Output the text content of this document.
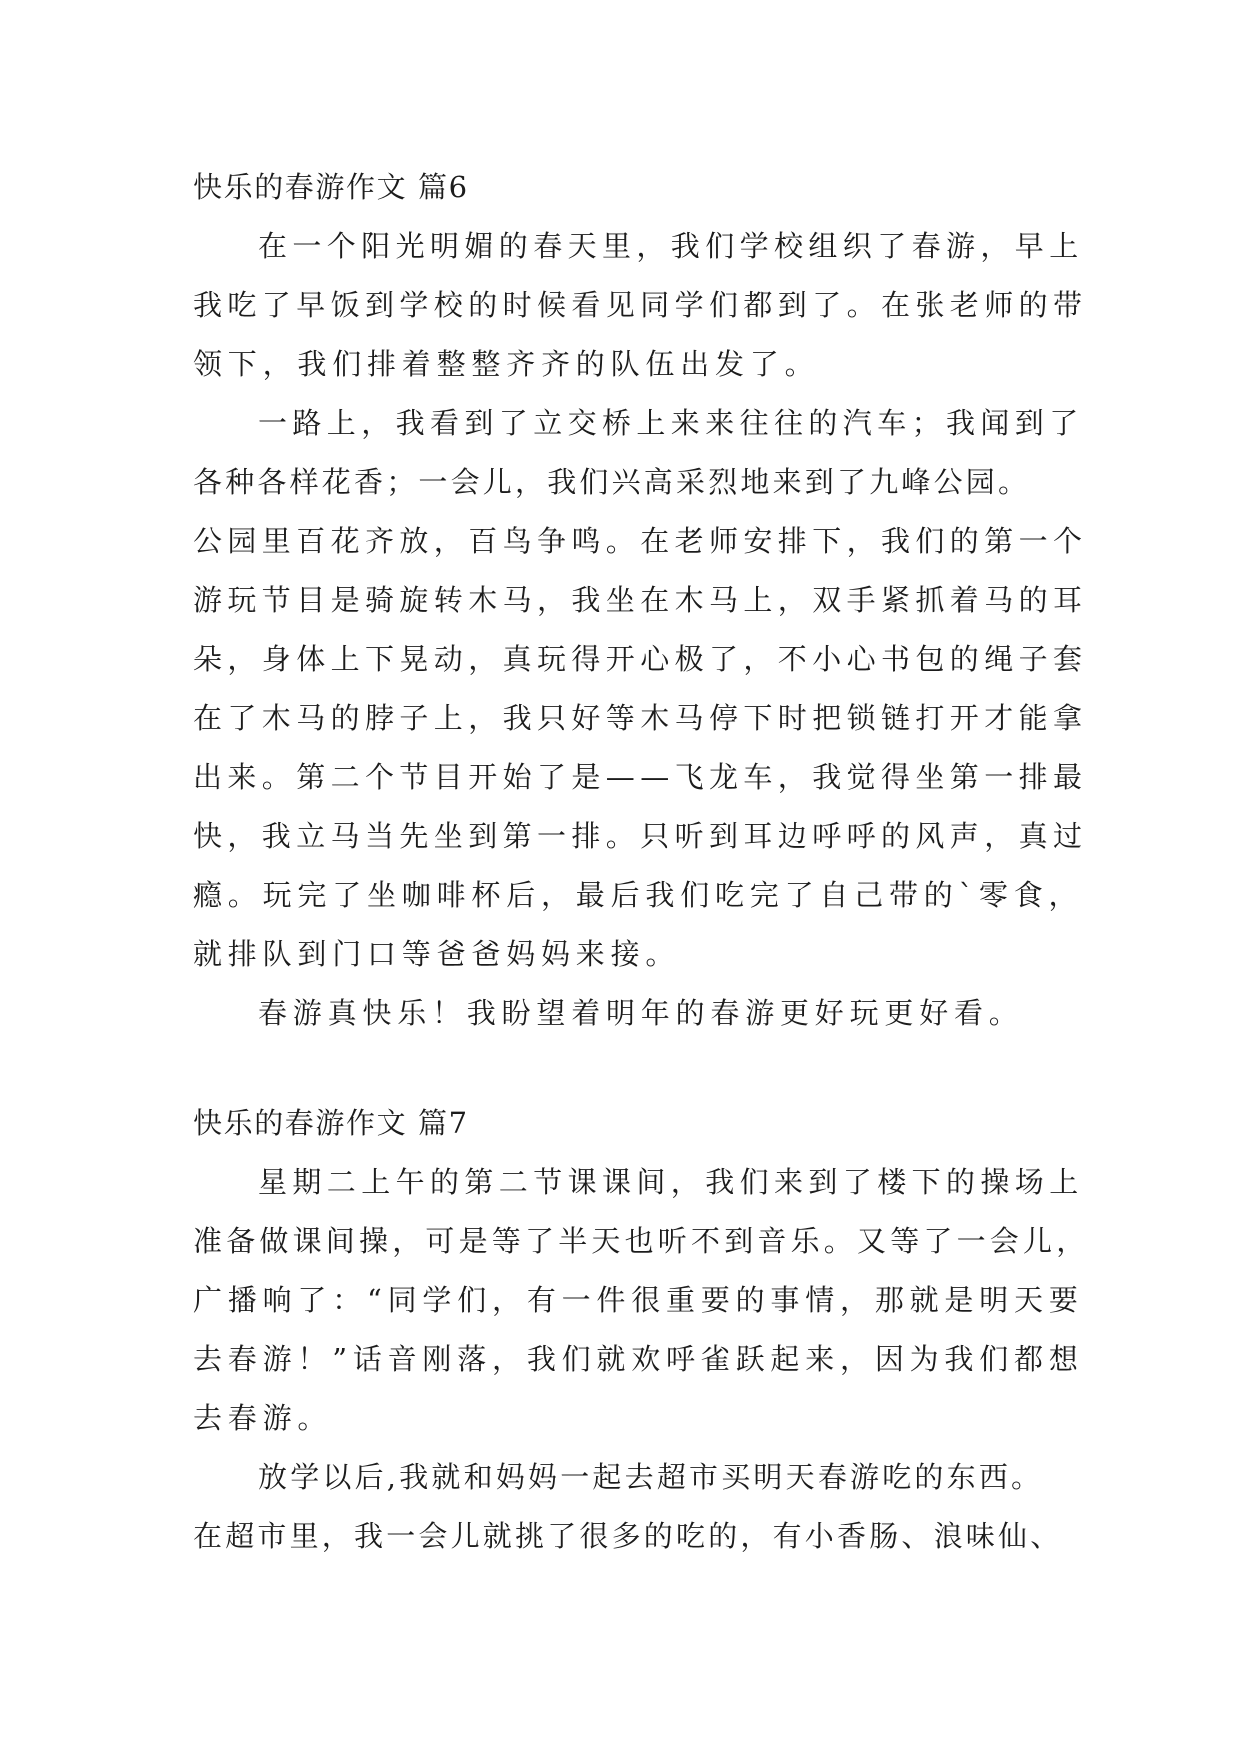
快乐的春游作文 篇6
在一个阳光明媚的春天里，我们学校组织了春游，早上
我吃了早饭到学校的时候看见同学们都到了。在张老师的带
领下，我们排着整整齐齐的队伍出发了。
一路上，我看到了立交桥上来来往往的汽车；我闻到了
各种各样花香；一会儿，我们兴高采烈地来到了九峰公园。
公园里百花齐放，百鸟争鸣。在老师安排下，我们的第一个
游玩节目是骑旋转木马，我坐在木马上，双手紧抓着马的耳
朵，身体上下晃动，真玩得开心极了，不小心书包的绳子套
在了木马的脖子上，我只好等木马停下时把锁链打开才能拿
出来。第二个节目开始了是——飞龙车，我觉得坐第一排最
快，我立马当先坐到第一排。只听到耳边呼呼的风声，真过
瘾。玩完了坐咖啡杯后，最后我们吃完了自己带的`零食，
就排队到门口等爸爸妈妈来接。
春游真快乐！我盼望着明年的春游更好玩更好看。
快乐的春游作文 篇7
星期二上午的第二节课课间，我们来到了楼下的操场上
准备做课间操，可是等了半天也听不到音乐。又等了一会儿，
广播响了：“同学们，有一件很重要的事情，那就是明天要
去春游！”话音刚落，我们就欢呼雀跃起来，因为我们都想
去春游。
放学以后,我就和妈妈一起去超市买明天春游吃的东西。
在超市里，我一会儿就挑了很多的吃的，有小香肠、浪味仙、
